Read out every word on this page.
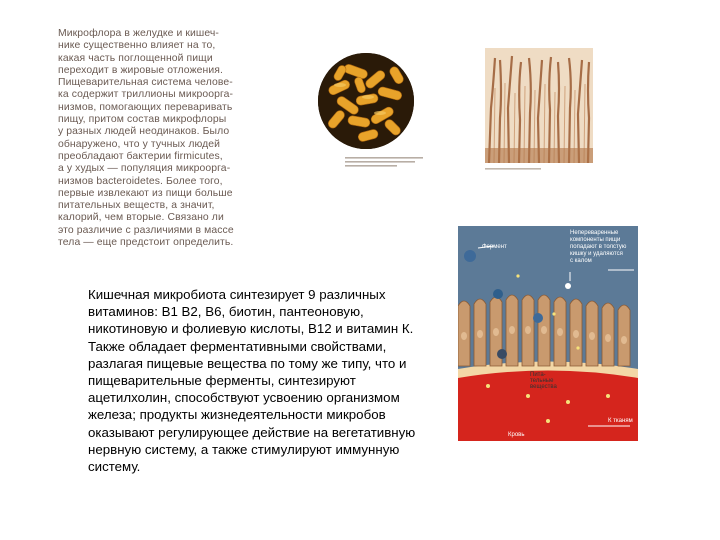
Микрофлора в желудке и кишеч-

нике существенно влияет на то,

какая часть поглощенной пищи

переходит в жировые отложения.

Пищеварительная система челове-

ка содержит триллионы микроорга-

низмов, помогающих переваривать

пищу, притом состав микрофлоры

у разных людей неодинаков. Было

обнаружено, что у тучных людей

преобладают бактерии firmicutes,

а у худых — популяция микроорга-

низмов bacteroidetes. Более того,

первые извлекают из пищи больше

питательных веществ, а значит,

калорий, чем вторые. Связано ли

это различие с различиями в массе

тела — еще предстоит определить.	Фермент
Непереваренные
компоненты пищи
попадают в толстую
кишку и удаляются
с калом
Пита-
тельные
вещества
К тканям
Кровь
Кишечная микробиота синтезирует 9 различных витаминов: В1 В2, В6, биотин, пантеоновую, никотиновую и фолиевую кислоты, В12 и витамин К. Также обладает ферментативными свойствами, разлагая пищевые вещества по тому же типу, что и пищеварительные ферменты, синтезируют ацетилхолин, способствуют усвоению организмом железа; продукты жизнедеятельности микробов оказывают регулирующее действие на вегетативную нервную систему, а также стимулируют иммунную систему.
